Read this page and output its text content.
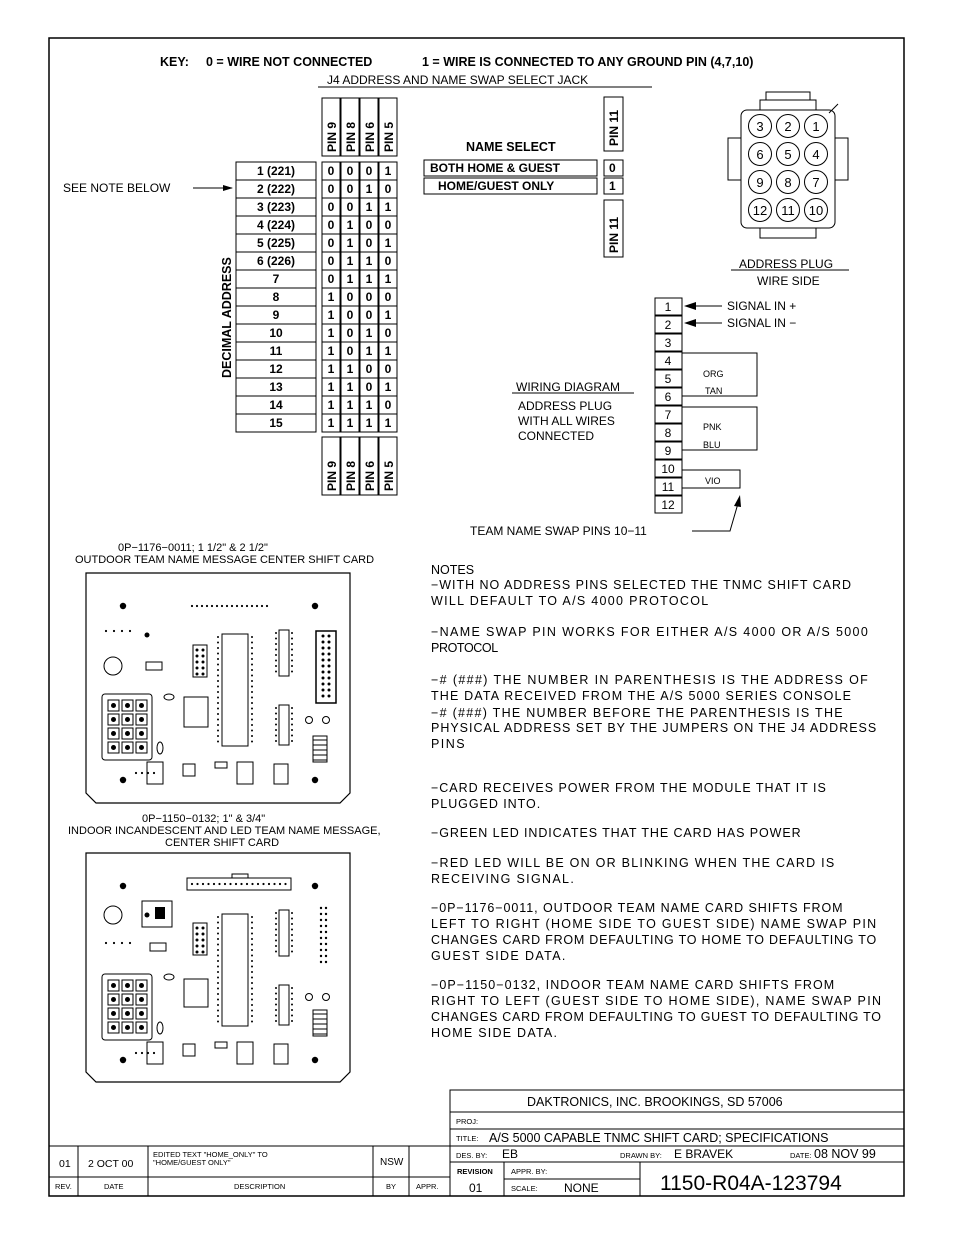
KEY: 0 = WIRE NOT CONNECTED	1 = WIRE IS CONNECTED TO ANY GROUND PIN (4,7,10)
J4 ADDRESS AND NAME SWAP SELECT JACK
PIN 9 PIN 8 PIN 6 PIN 5
PIN 9 PIN 8 PIN 6 PIN 5
1 (221)	0 0 0 1
2 (222)	0 0 1 0
3 (223)	0 0 1 1
4 (224)	0 1 0 0
5 (225)	0 1 0 1
6 (226)	0 1 1 0
7	0 1 1 1
8	1 0 0 0
9	1 0 0 1
10	1 0 1 0
11	1 0 1 1
12	1 1 0 0
13	1 1 0 1
14	1 1 1 0
15	1 1 1 1
SEE NOTE BELOW
DECIMAL ADDRESS
NAME SELECT
PIN 11
BOTH HOME & GUEST	0
HOME/GUEST ONLY	1
PIN 11
ADDRESS PLUG
WIRE SIDE
3 2 1
6 5 4
9 8 7
12 11 10
SIGNAL IN +
SIGNAL IN −
ORG
TAN
PNK
BLU
VIO
WIRING DIAGRAM
ADDRESS PLUG
WITH ALL WIRES
CONNECTED
TEAM NAME SWAP PINS 10−11
1
2
3
4
5
6
7
8
9
10
11
12
0P−1176−0011; 1 1/2" & 2 1/2"
OUTDOOR TEAM NAME MESSAGE CENTER SHIFT CARD
0P−1150−0132; 1" & 3/4"
INDOOR INCANDESCENT AND LED TEAM NAME MESSAGE,
CENTER SHIFT CARD
NOTES
−WITH NO ADDRESS PINS SELECTED THE TNMC SHIFT CARD
WILL DEFAULT TO A/S 4000 PROTOCOL
−NAME SWAP PIN WORKS FOR EITHER A/S 4000 OR A/S 5000
PROTOCOL
−# (###) THE NUMBER IN PARENTHESIS IS THE ADDRESS OF
THE DATA RECEIVED FROM THE A/S 5000 SERIES CONSOLE
−# (###) THE NUMBER BEFORE THE PARENTHESIS IS THE
PHYSICAL ADDRESS SET BY THE JUMPERS ON THE J4 ADDRESS
PINS
−CARD RECEIVES POWER FROM THE MODULE THAT IT IS
PLUGGED INTO.
−GREEN LED INDICATES THAT THE CARD HAS POWER
−RED LED WILL BE ON OR BLINKING WHEN THE CARD IS
RECEIVING SIGNAL.
−0P−1176−0011, OUTDOOR TEAM NAME CARD SHIFTS FROM
LEFT TO RIGHT (HOME SIDE TO GUEST SIDE) NAME SWAP PIN
CHANGES CARD FROM DEFAULTING TO HOME TO DEFAULTING TO
GUEST SIDE DATA.
−0P−1150−0132, INDOOR TEAM NAME CARD SHIFTS FROM
RIGHT TO LEFT (GUEST SIDE TO HOME SIDE), NAME SWAP PIN
CHANGES CARD FROM DEFAULTING TO GUEST TO DEFAULTING TO
HOME SIDE DATA.
DAKTRONICS, INC. BROOKINGS, SD 57006
PROJ:
TITLE: A/S 5000 CAPABLE TNMC SHIFT CARD; SPECIFICATIONS
DES. BY: EB	DRAWN BY: E BRAVEK	DATE: 08 NOV 99
REVISION
01
APPR. BY:
SCALE: NONE	1150-R04A-123794
01 2 OCT 00
EDITED TEXT "HOME_ONLY" TO
"HOME/GUEST ONLY"	NSW
REV.	DATE	DESCRIPTION	BY	APPR.
